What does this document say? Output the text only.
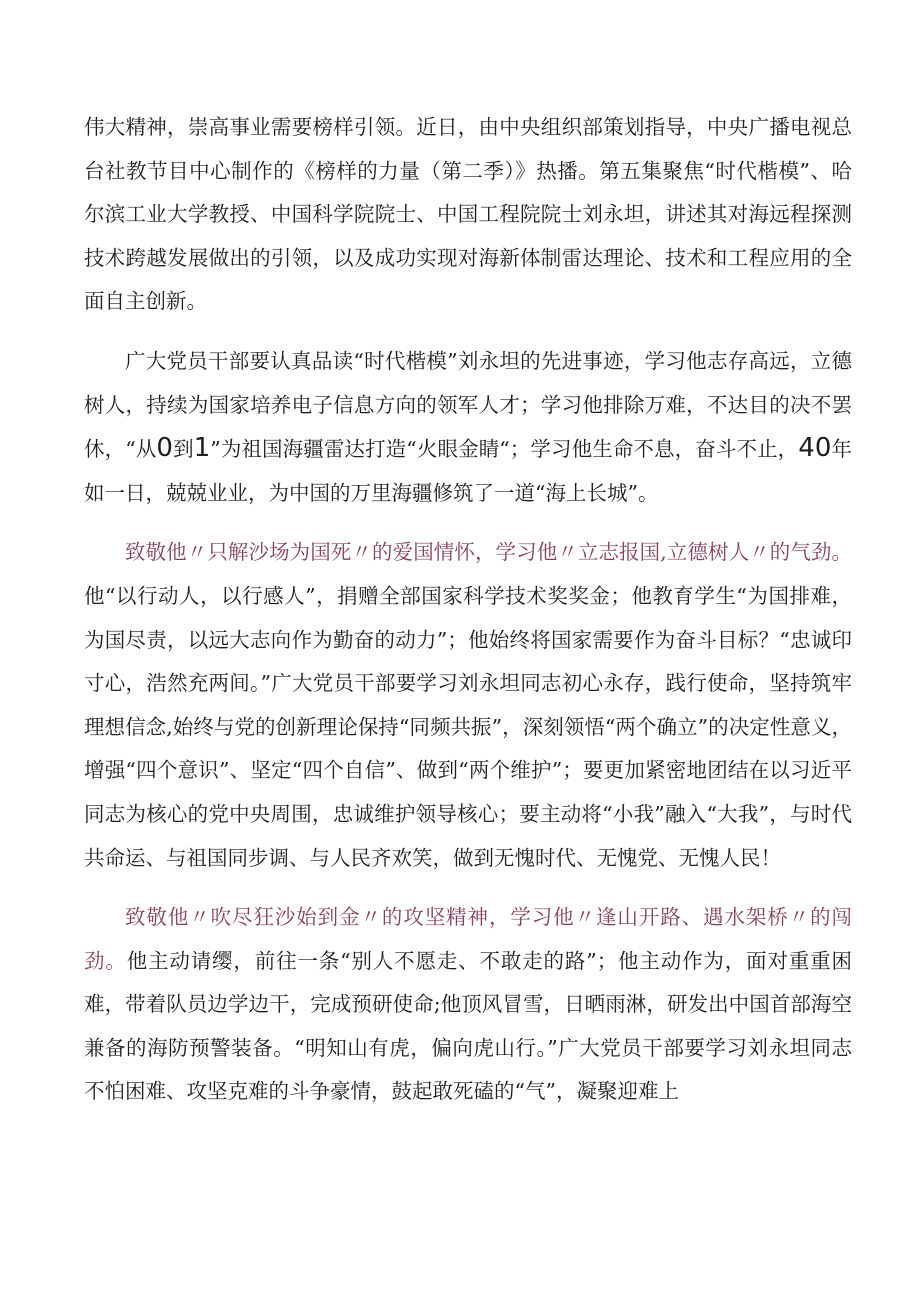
伟大精神，崇高事业需要榜样引领。近日，由中央组织部策划指导，中央广播电视总台社教节目中心制作的《榜样的力量（第二季）》热播。第五集聚焦“时代楷模”、哈尔滨工业大学教授、中国科学院院士、中国工程院院士刘永坦，讲述其对海远程探测技术跨越发展做出的引领，以及成功实现对海新体制雷达理论、技术和工程应用的全面自主创新。

广大党员干部要认真品读“时代楷模”刘永坦的先进事迹，学习他志存高远，立德树人，持续为国家培养电子信息方向的领军人才；学习他排除万难，不达目的决不罢休，“从0到1”为祖国海疆雷达打造“火眼金睛“；学习他生命不息，奋斗不止，40年如一日，兢兢业业，为中国的万里海疆修筑了一道“海上长城”。

致敬他〃只解沙场为国死〃的爱国情怀，学习他〃立志报国,立德树人〃的气劲。他“以行动人，以行感人”，捐赠全部国家科学技术奖奖金；他教育学生“为国排难，为国尽责，以远大志向作为勤奋的动力”；他始终将国家需要作为奋斗目标？“忠诚印寸心，浩然充两间。”广大党员干部要学习刘永坦同志初心永存，践行使命，坚持筑牢理想信念,始终与党的创新理论保持“同频共振”，深刻领悟“两个确立”的决定性意义，增强“四个意识”、坚定“四个自信”、做到“两个维护”；要更加紧密地团结在以习近平同志为核心的党中央周围，忠诚维护领导核心；要主动将“小我”融入“大我”，与时代共命运、与祖国同步调、与人民齐欢笑，做到无愧时代、无愧党、无愧人民！

致敬他〃吹尽狂沙始到金〃的攻坚精神，学习他〃逢山开路、遇水架桥〃的闯劲。他主动请缨，前往一条“别人不愿走、不敢走的路”；他主动作为，面对重重困难，带着队员边学边干，完成预研使命;他顶风冒雪，日晒雨淋，研发出中国首部海空兼备的海防预警装备。“明知山有虎，偏向虎山行。”广大党员干部要学习刘永坦同志不怕困难、攻坚克难的斗争豪情，鼓起敢死磕的“气”，凝聚迎难上
